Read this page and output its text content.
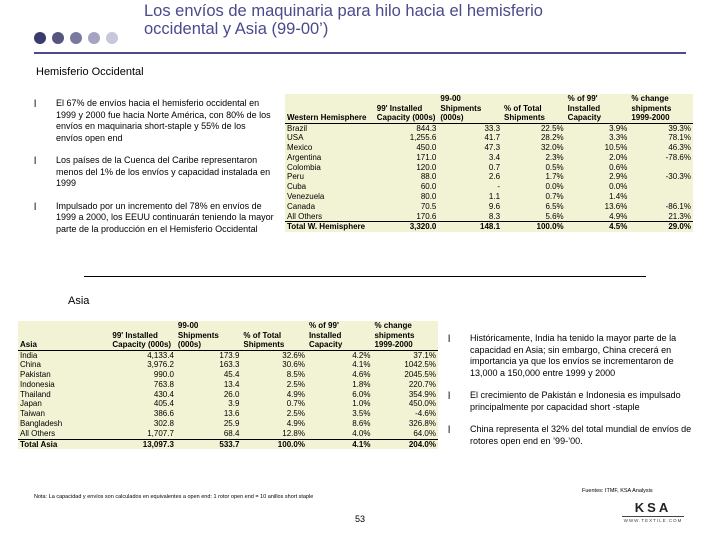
Los envíos de maquinaria para hilo hacia el hemisferio
occidental y Asia (99-00’)
Hemisferio Occidental
l El 67% de envíos hacia el hemisferio occidental en 1999 y 2000 fue hacia Norte América, con 80% de los envíos en maquinaria short-staple y 55% de los envíos open end
l Los países de la Cuenca del Caribe representaron menos del 1% de los envíos y capacidad instalada en 1999
l Impulsado por un incremento del 78% en envíos de 1999 a 2000, los EEUU continuarán teniendo la mayor parte de la producción en el Hemisferio Occidental
Western Hemisphere	99' Installed Capacity (000s)	99-00 Shipments (000s)	% of Total Shipments	% of 99' Installed Capacity	% change shipments 1999-2000
Brazil	844.3	33.3	22.5%	3.9%	39.3%
USA	1,255.6	41.7	28.2%	3.3%	78.1%
Mexico	450.0	47.3	32.0%	10.5%	46.3%
Argentina	171.0	3.4	2.3%	2.0%	-78.6%
Colombia	120.0	0.7	0.5%	0.6%	
Peru	88.0	2.6	1.7%	2.9%	-30.3%
Cuba	60.0	-	0.0%	0.0%	
Venezuela	80.0	1.1	0.7%	1.4%	
Canada	70.5	9.6	6.5%	13.6%	-86.1%
All Others	170.6	8.3	5.6%	4.9%	21.3%
Total W. Hemisphere	3,320.0	148.1	100.0%	4.5%	29.0%
Asia
Asia	99' Installed Capacity (000s)	99-00 Shipments (000s)	% of Total Shipments	% of 99' Installed Capacity	% change shipments 1999-2000
India	4,133.4	173.9	32.6%	4.2%	37.1%
China	3,976.2	163.3	30.6%	4.1%	1042.5%
Pakistan	990.0	45.4	8.5%	4.6%	2045.5%
Indonesia	763.8	13.4	2.5%	1.8%	220.7%
Thailand	430.4	26.0	4.9%	6.0%	354.9%
Japan	405.4	3.9	0.7%	1.0%	450.0%
Taiwan	386.6	13.6	2.5%	3.5%	-4.6%
Bangladesh	302.8	25.9	4.9%	8.6%	326.8%
All Others	1,707.7	68.4	12.8%	4.0%	64.0%
Total Asia	13,097.3	533.7	100.0%	4.1%	204.0%
l Históricamente, India ha tenido la mayor parte de la capacidad en Asia; sin embargo, China crecerá en importancia ya que los envíos se incrementaron de 13,000 a 150,000 entre 1999 y 2000
l El crecimiento de Pakistán e Indonesia es impulsado principalmente por capacidad short -staple
l China representa el 32% del total mundial de envíos de rotores open end en ’99-’00.
Nota: La capacidad y envíos son calculados en equivalentes a open end: 1 rotor open end = 10 anillos short staple
Fuentes: ITMF, KSA Analysis
53
KSA
WWW.TEXTILE.COM
